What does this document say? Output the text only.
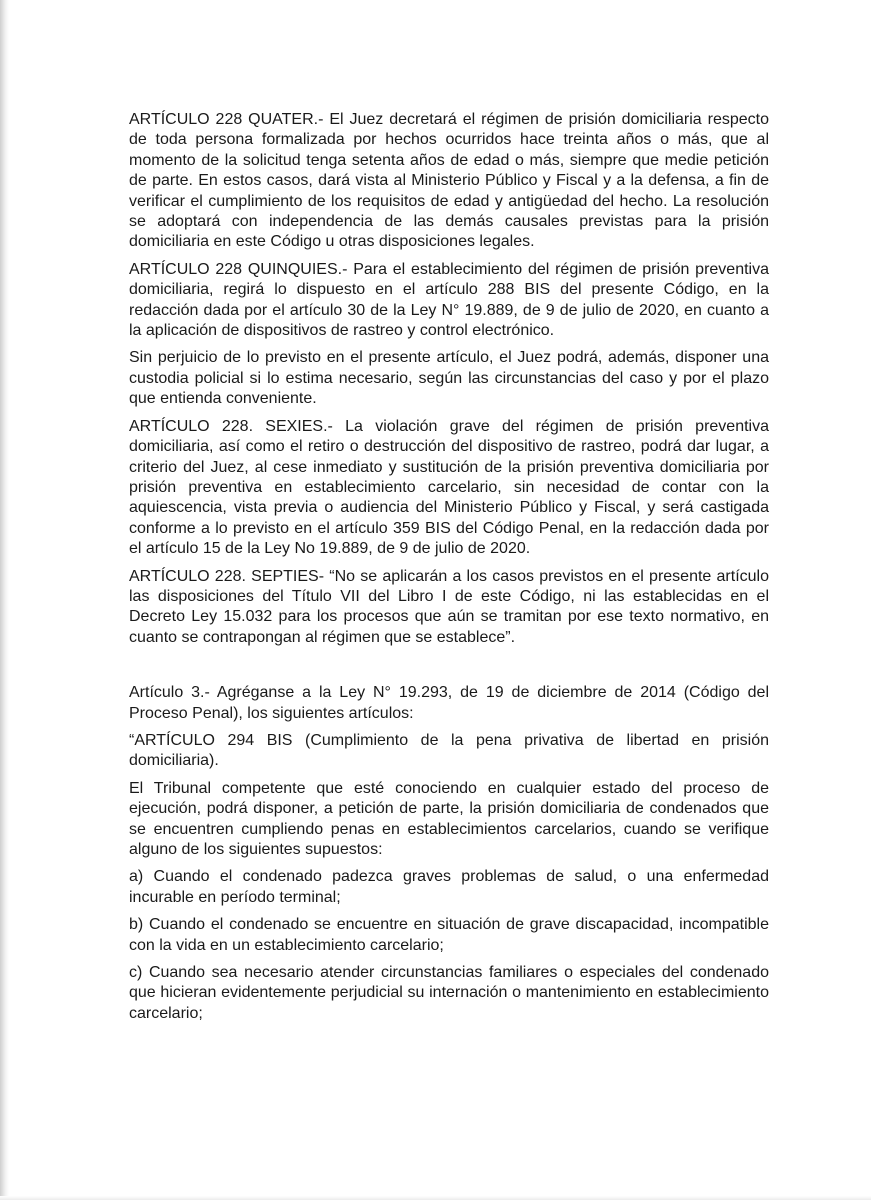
ARTÍCULO 228 QUATER.- El Juez decretará el régimen de prisión domiciliaria respecto de toda persona formalizada por hechos ocurridos hace treinta años o más, que al momento de la solicitud tenga setenta años de edad o más, siempre que medie petición de parte. En estos casos, dará vista al Ministerio Público y Fiscal y a la defensa, a fin de verificar el cumplimiento de los requisitos de edad y antigüedad del hecho. La resolución se adoptará con independencia de las demás causales previstas para la prisión domiciliaria en este Código u otras disposiciones legales.

ARTÍCULO 228 QUINQUIES.- Para el establecimiento del régimen de prisión preventiva domiciliaria, regirá lo dispuesto en el artículo 288 BIS del presente Código, en la redacción dada por el artículo 30 de la Ley N° 19.889, de 9 de julio de 2020, en cuanto a la aplicación de dispositivos de rastreo y control electrónico.

Sin perjuicio de lo previsto en el presente artículo, el Juez podrá, además, disponer una custodia policial si lo estima necesario, según las circunstancias del caso y por el plazo que entienda conveniente.

ARTÍCULO 228. SEXIES.- La violación grave del régimen de prisión preventiva domiciliaria, así como el retiro o destrucción del dispositivo de rastreo, podrá dar lugar, a criterio del Juez, al cese inmediato y sustitución de la prisión preventiva domiciliaria por prisión preventiva en establecimiento carcelario, sin necesidad de contar con la aquiescencia, vista previa o audiencia del Ministerio Público y Fiscal, y será castigada conforme a lo previsto en el artículo 359 BIS del Código Penal, en la redacción dada por el artículo 15 de la Ley No 19.889, de 9 de julio de 2020.

ARTÍCULO 228. SEPTIES- “No se aplicarán a los casos previstos en el presente artículo las disposiciones del Título VII del Libro I de este Código, ni las establecidas en el Decreto Ley 15.032 para los procesos que aún se tramitan por ese texto normativo, en cuanto se contrapongan al régimen que se establece”.

Artículo 3.- Agréganse a la Ley N° 19.293, de 19 de diciembre de 2014 (Código del Proceso Penal), los siguientes artículos:

“ARTÍCULO 294 BIS (Cumplimiento de la pena privativa de libertad en prisión domiciliaria).

El Tribunal competente que esté conociendo en cualquier estado del proceso de ejecución, podrá disponer, a petición de parte, la prisión domiciliaria de condenados que se encuentren cumpliendo penas en establecimientos carcelarios, cuando se verifique alguno de los siguientes supuestos:

a) Cuando el condenado padezca graves problemas de salud, o una enfermedad incurable en período terminal;

b) Cuando el condenado se encuentre en situación de grave discapacidad, incompatible con la vida en un establecimiento carcelario;

c) Cuando sea necesario atender circunstancias familiares o especiales del condenado que hicieran evidentemente perjudicial su internación o mantenimiento en establecimiento carcelario;
